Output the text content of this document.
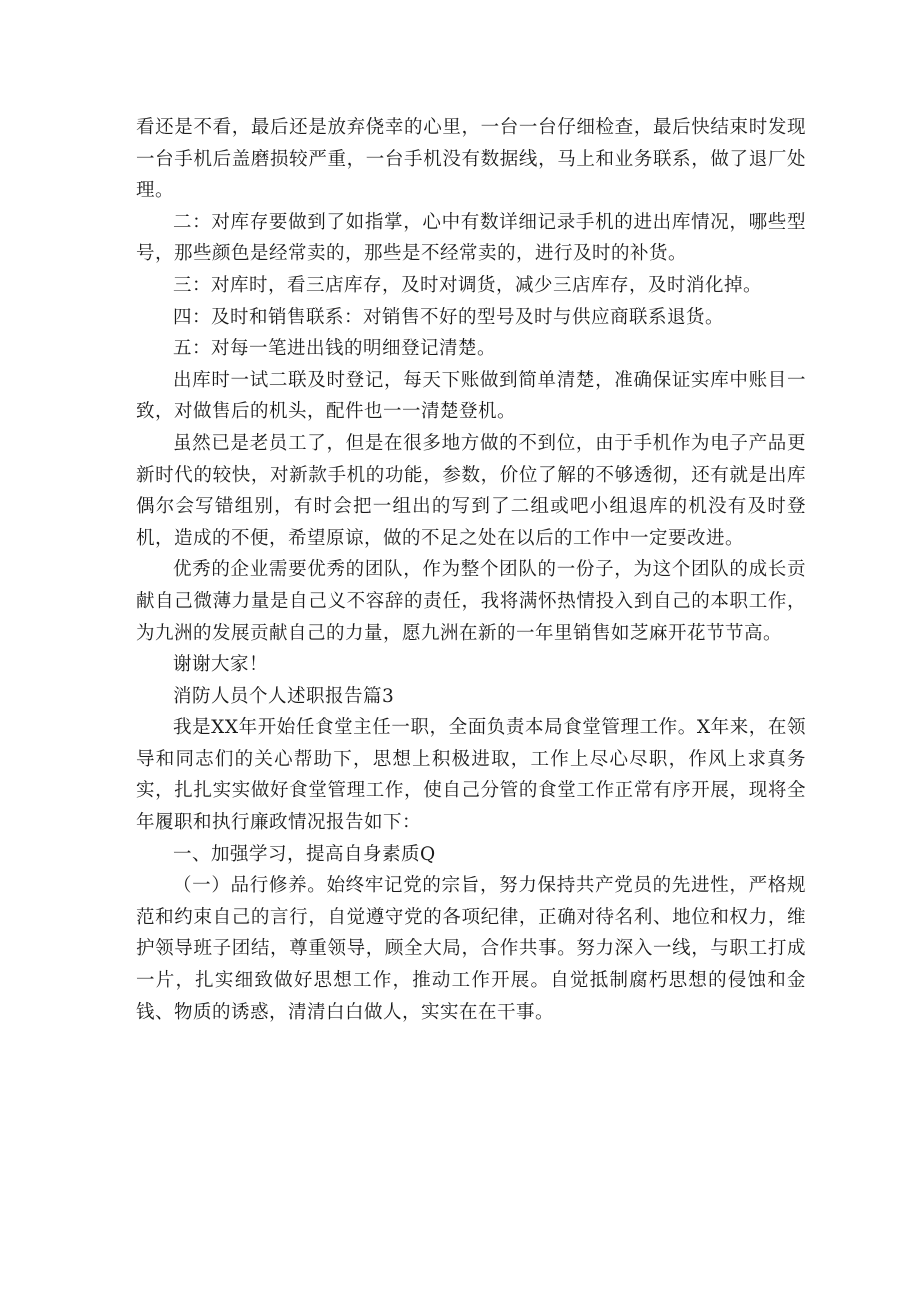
看还是不看，最后还是放弃侥幸的心里，一台一台仔细检查，最后快结束时发现一台手机后盖磨损较严重，一台手机没有数据线，马上和业务联系，做了退厂处理。

二：对库存要做到了如指掌，心中有数详细记录手机的进出库情况，哪些型号，那些颜色是经常卖的，那些是不经常卖的，进行及时的补货。

三：对库时，看三店库存，及时对调货，减少三店库存，及时消化掉。

四：及时和销售联系：对销售不好的型号及时与供应商联系退货。

五：对每一笔进出钱的明细登记清楚。

出库时一试二联及时登记，每天下账做到简单清楚，准确保证实库中账目一致，对做售后的机头，配件也一一清楚登机。

虽然已是老员工了，但是在很多地方做的不到位，由于手机作为电子产品更新时代的较快，对新款手机的功能，参数，价位了解的不够透彻，还有就是出库偶尔会写错组别，有时会把一组出的写到了二组或吧小组退库的机没有及时登机，造成的不便，希望原谅，做的不足之处在以后的工作中一定要改进。

优秀的企业需要优秀的团队，作为整个团队的一份子，为这个团队的成长贡献自己微薄力量是自己义不容辞的责任，我将满怀热情投入到自己的本职工作，为九洲的发展贡献自己的力量，愿九洲在新的一年里销售如芝麻开花节节高。

谢谢大家！

消防人员个人述职报告篇3

我是XX年开始任食堂主任一职，全面负责本局食堂管理工作。X年来，在领导和同志们的关心帮助下，思想上积极进取，工作上尽心尽职，作风上求真务实，扎扎实实做好食堂管理工作，使自己分管的食堂工作正常有序开展，现将全年履职和执行廉政情况报告如下：

一、加强学习，提高自身素质Q

（一）品行修养。始终牢记党的宗旨，努力保持共产党员的先进性，严格规范和约束自己的言行，自觉遵守党的各项纪律，正确对待名利、地位和权力，维护领导班子团结，尊重领导，顾全大局，合作共事。努力深入一线，与职工打成一片，扎实细致做好思想工作，推动工作开展。自觉抵制腐朽思想的侵蚀和金钱、物质的诱惑，清清白白做人，实实在在干事。
